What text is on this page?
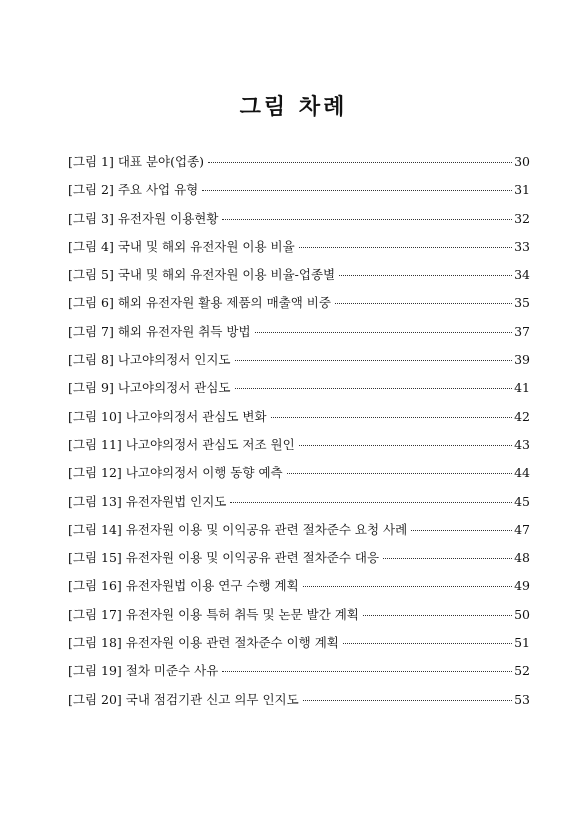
그림 차례
[그림 1] 대표 분야(업종)	30
[그림 2] 주요 사업 유형	31
[그림 3] 유전자원 이용현황	32
[그림 4] 국내 및 해외 유전자원 이용 비율	33
[그림 5] 국내 및 해외 유전자원 이용 비율-업종별	34
[그림 6] 해외 유전자원 활용 제품의 매출액 비중	35
[그림 7] 해외 유전자원 취득 방법	37
[그림 8] 나고야의정서 인지도	39
[그림 9] 나고야의정서 관심도	41
[그림 10] 나고야의정서 관심도 변화	42
[그림 11] 나고야의정서 관심도 저조 원인	43
[그림 12] 나고야의정서 이행 동향 예측	44
[그림 13] 유전자원법 인지도	45
[그림 14] 유전자원 이용 및 이익공유 관련 절차준수 요청 사례	47
[그림 15] 유전자원 이용 및 이익공유 관련 절차준수 대응	48
[그림 16] 유전자원법 이용 연구 수행 계획	49
[그림 17] 유전자원 이용 특허 취득 및 논문 발간 계획	50
[그림 18] 유전자원 이용 관련 절차준수 이행 계획	51
[그림 19] 절차 미준수 사유	52
[그림 20] 국내 점검기관 신고 의무 인지도	53
